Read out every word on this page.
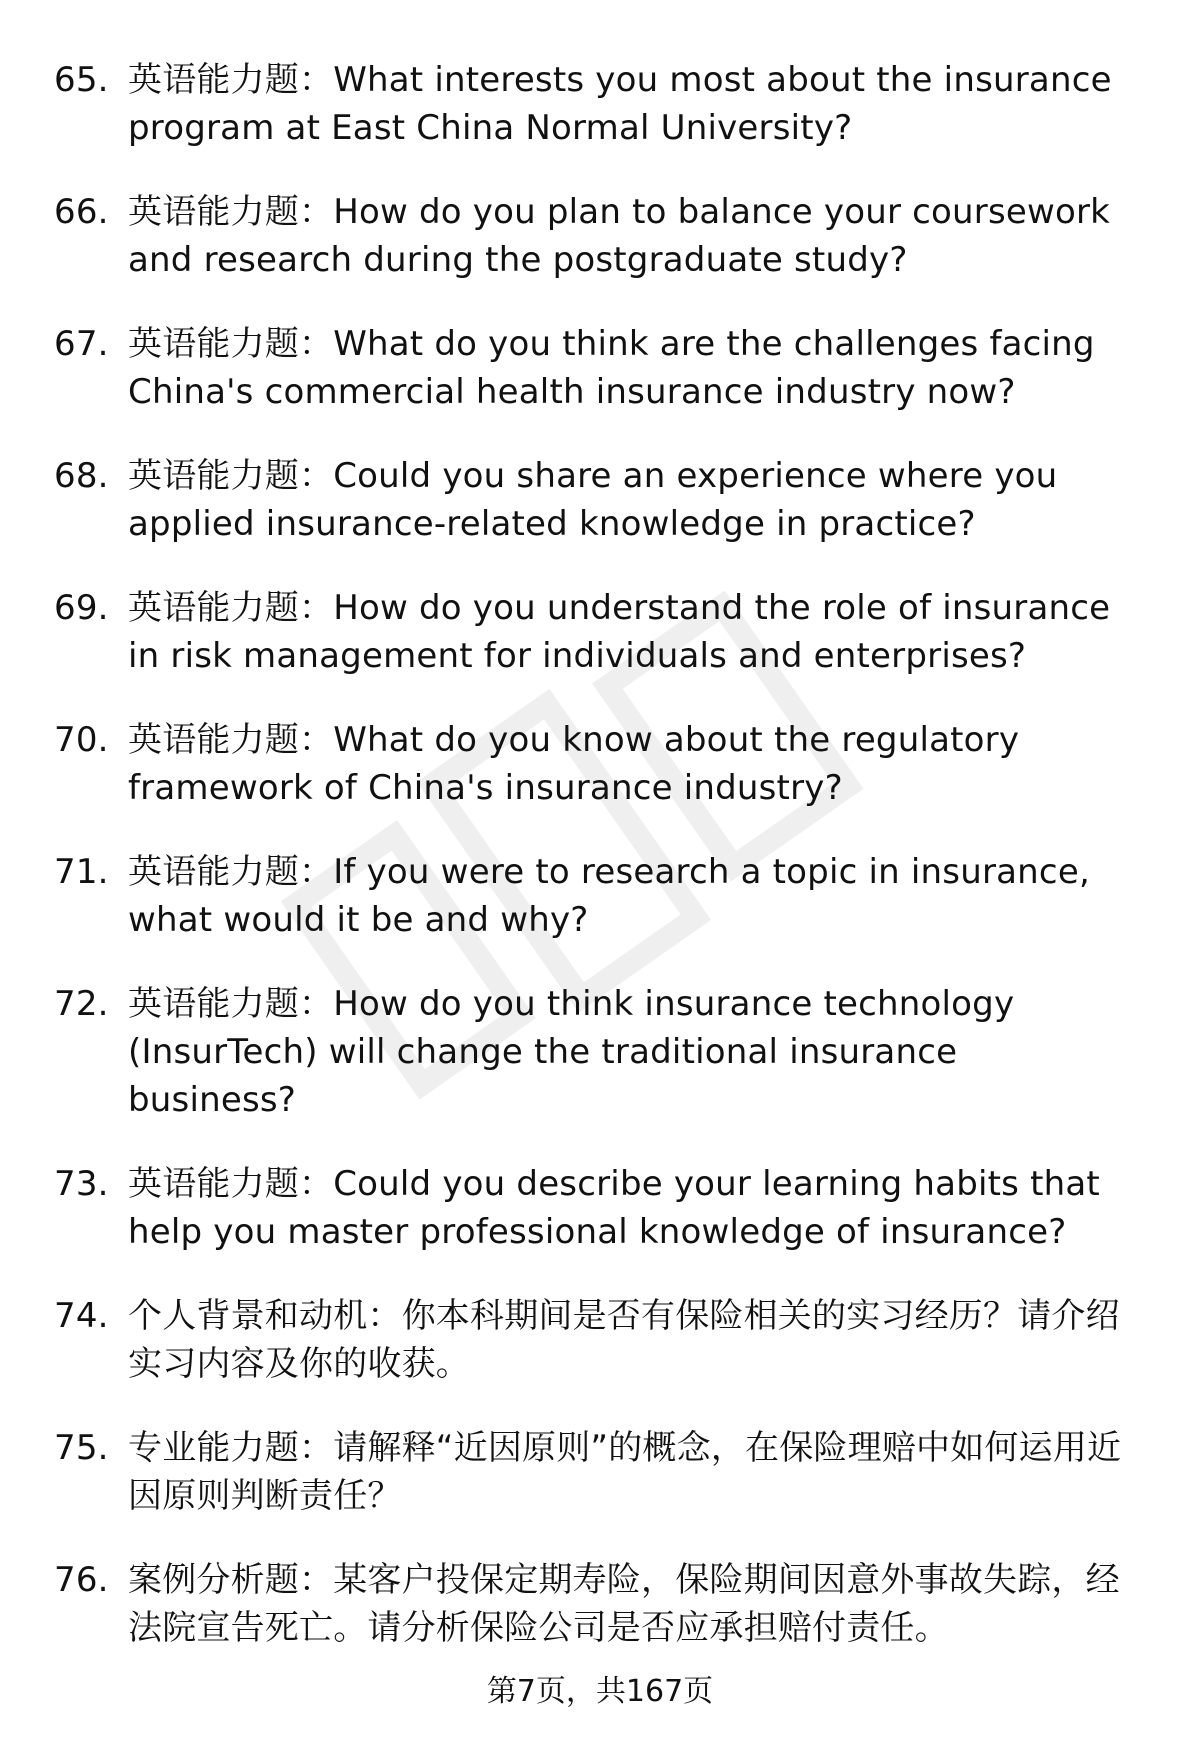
65. 英语能力题：What interests you most about the insurance program at East China Normal University?
66. 英语能力题：How do you plan to balance your coursework and research during the postgraduate study?
67. 英语能力题：What do you think are the challenges facing China's commercial health insurance industry now?
68. 英语能力题：Could you share an experience where you applied insurance-related knowledge in practice?
69. 英语能力题：How do you understand the role of insurance in risk management for individuals and enterprises?
70. 英语能力题：What do you know about the regulatory framework of China's insurance industry?
71. 英语能力题：If you were to research a topic in insurance, what would it be and why?
72. 英语能力题：How do you think insurance technology (InsurTech) will change the traditional insurance business?
73. 英语能力题：Could you describe your learning habits that help you master professional knowledge of insurance?
74. 个人背景和动机：你本科期间是否有保险相关的实习经历？请介绍实习内容及你的收获。
75. 专业能力题：请解释“近因原则”的概念，在保险理赔中如何运用近因原则判断责任？
76. 案例分析题：某客户投保定期寿险，保险期间因意外事故失踪，经法院宣告死亡。请分析保险公司是否应承担赔付责任。
第7页，共167页
